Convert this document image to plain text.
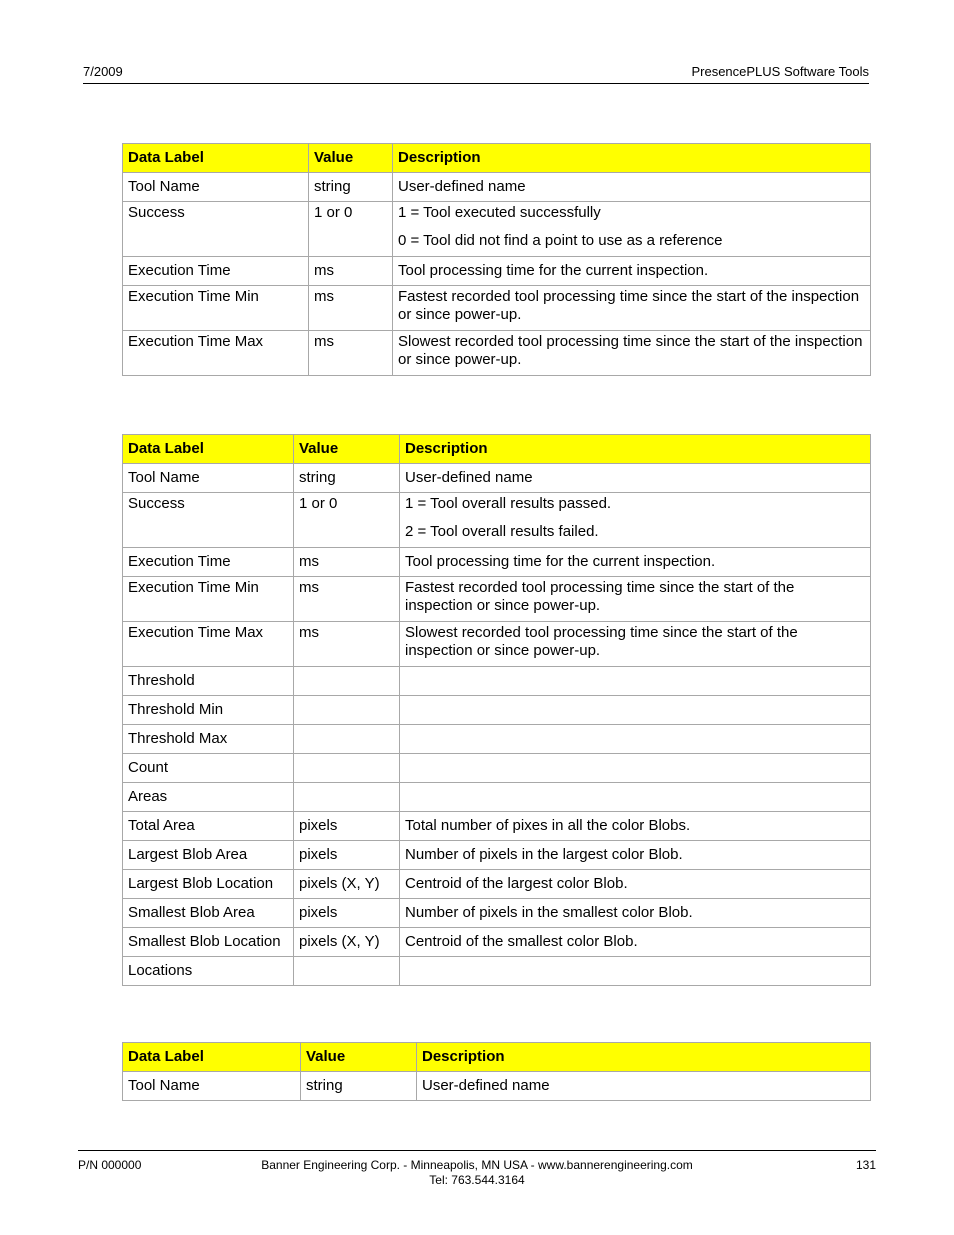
7/2009	PresencePLUS Software Tools
Data Label	Value	Description
Tool Name	string	User-defined name
Success	1 or 0	1 = Tool executed successfully
0 = Tool did not find a point to use as a reference

Execution Time	ms	Tool processing time for the current inspection.
Execution Time Min	ms	Fastest recorded tool processing time since the start of the inspection or since power-up.
Execution Time Max	ms	Slowest recorded tool processing time since the start of the inspection or since power-up.
Data Label	Value	Description
Tool Name	string	User-defined name
Success	1 or 0	1 = Tool overall results passed.
2 = Tool overall results failed.

Execution Time	ms	Tool processing time for the current inspection.
Execution Time Min	ms	Fastest recorded tool processing time since the start of the inspection or since power-up.
Execution Time Max	ms	Slowest recorded tool processing time since the start of the inspection or since power-up.
Threshold		
Threshold Min		
Threshold Max		
Count		
Areas		
Total Area	pixels	Total number of pixes in all the color Blobs.
Largest Blob Area	pixels	Number of pixels in the largest color Blob.
Largest Blob Location	pixels (X, Y)	Centroid of the largest color Blob.
Smallest Blob Area	pixels	Number of pixels in the smallest color Blob.
Smallest Blob Location	pixels (X, Y)	Centroid of the smallest color Blob.
Locations		
Data Label	Value	Description
Tool Name	string	User-defined name
P/N 000000	Banner Engineering Corp. - Minneapolis, MN USA - www.bannerengineering.com
Tel: 763.544.3164
131
